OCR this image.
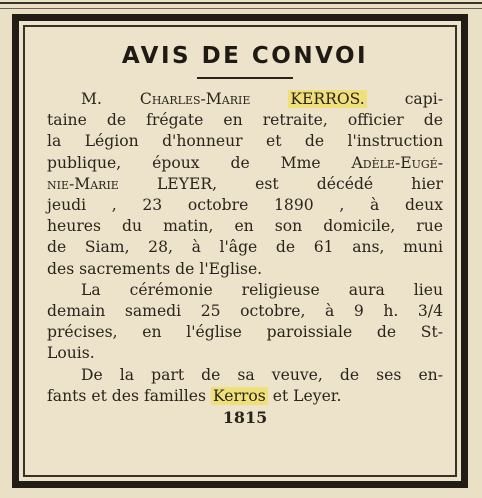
AVIS DE CONVOI

M. Charles-Marie	KERROS.	capi-
taine de frégate en retraite, officier de
la Légion d'honneur et de l'instruction
publique, époux de Mme Adèle-Eugé-
nie-Marie LEYER, est décédé hier
jeudi , 23 octobre 1890 , à deux
heures du matin, en son domicile, rue
de Siam, 28, à l'âge de 61 ans, muni
des sacrements de l'Eglise.

La cérémonie religieuse aura lieu
demain samedi 25 octobre, à 9 h. 3/4
précises, en l'église paroissiale de St-
Louis.

De la part de sa veuve, de ses en-
fants et des familles Kerros et Leyer.

1815
